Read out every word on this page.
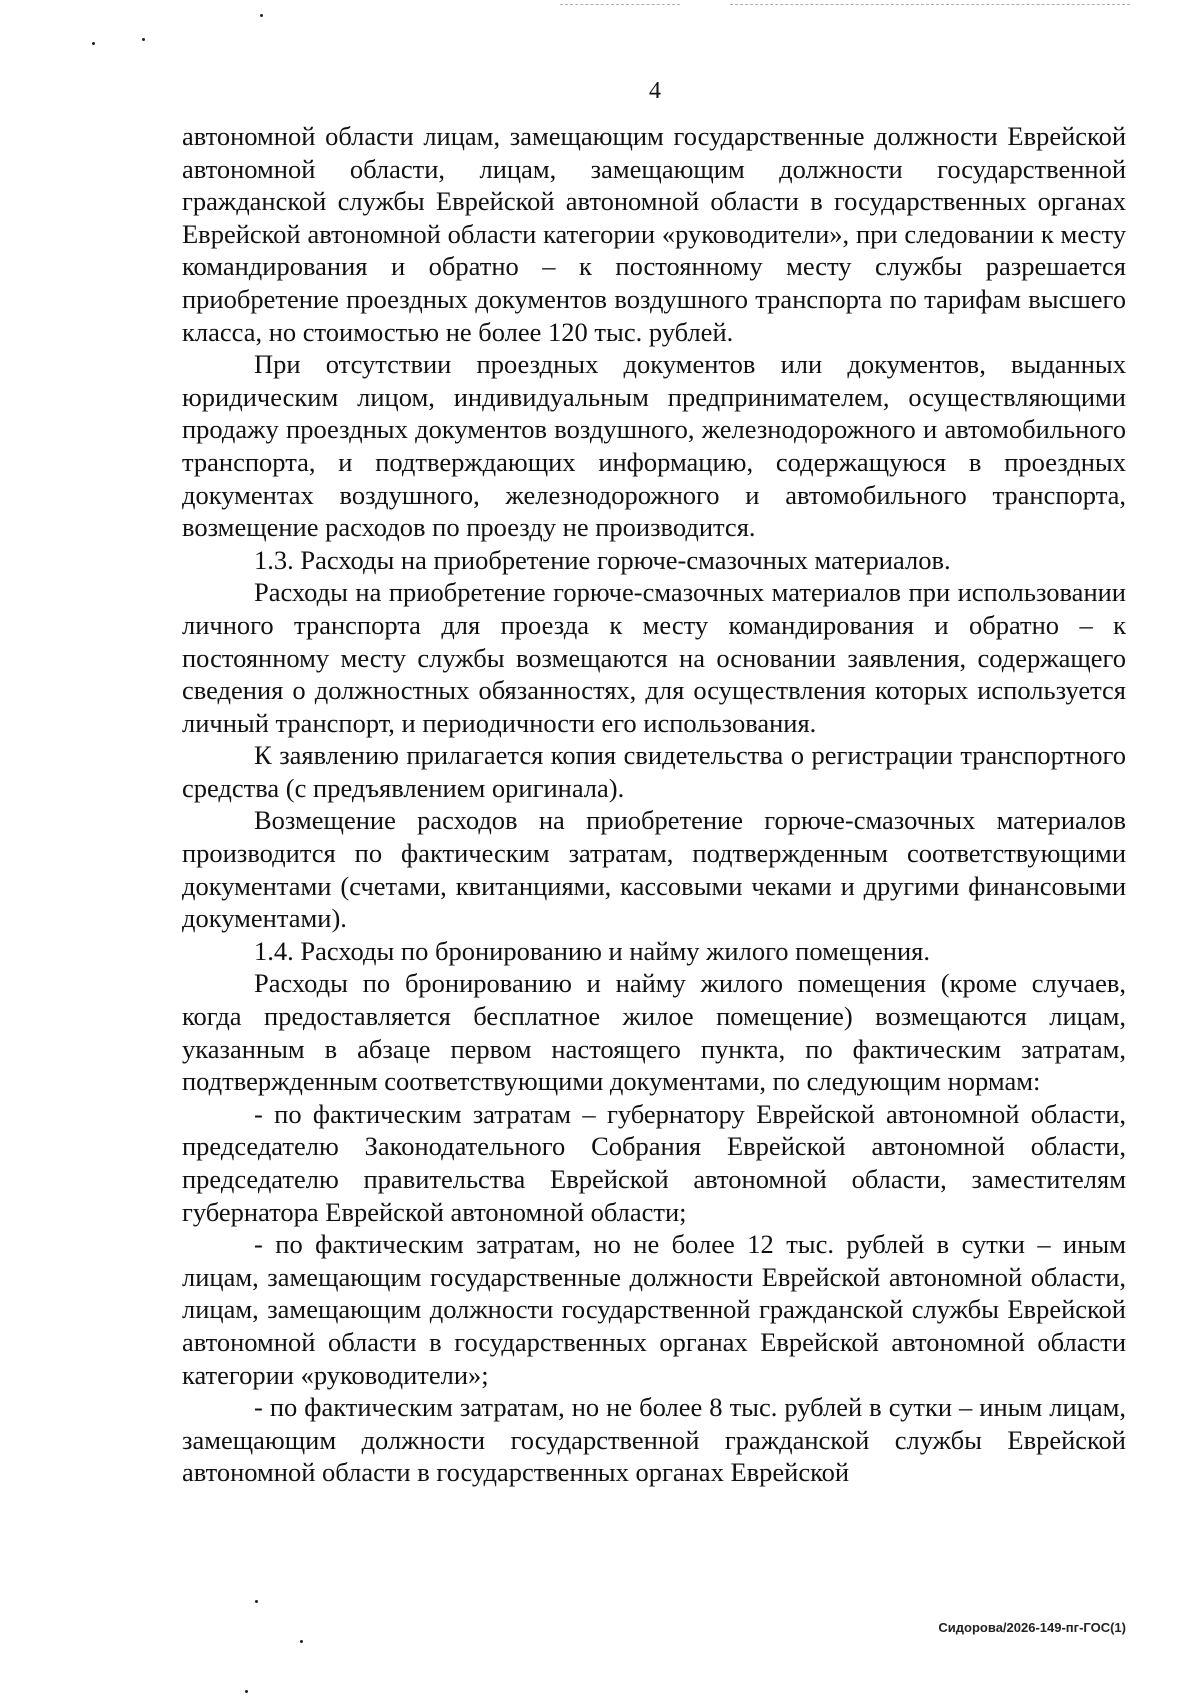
4

автономной области лицам, замещающим государственные должности Еврейской автономной области, лицам, замещающим должности государственной гражданской службы Еврейской автономной области в государственных органах Еврейской автономной области категории «руководители», при следовании к месту командирования и обратно – к постоянному месту службы разрешается приобретение проездных документов воздушного транспорта по тарифам высшего класса, но стоимостью не более 120 тыс. рублей.

При отсутствии проездных документов или документов, выданных юридическим лицом, индивидуальным предпринимателем, осуществляющими продажу проездных документов воздушного, железнодорожного и автомобильного транспорта, и подтверждающих информацию, содержащуюся в проездных документах воздушного, железнодорожного и автомобильного транспорта, возмещение расходов по проезду не производится.

1.3. Расходы на приобретение горюче-смазочных материалов.

Расходы на приобретение горюче-смазочных материалов при использовании личного транспорта для проезда к месту командирования и обратно – к постоянному месту службы возмещаются на основании заявления, содержащего сведения о должностных обязанностях, для осуществления которых используется личный транспорт, и периодичности его использования.

К заявлению прилагается копия свидетельства о регистрации транспортного средства (с предъявлением оригинала).

Возмещение расходов на приобретение горюче-смазочных материалов производится по фактическим затратам, подтвержденным соответствующими документами (счетами, квитанциями, кассовыми чеками и другими финансовыми документами).

1.4. Расходы по бронированию и найму жилого помещения.

Расходы по бронированию и найму жилого помещения (кроме случаев, когда предоставляется бесплатное жилое помещение) возмещаются лицам, указанным в абзаце первом настоящего пункта, по фактическим затратам, подтвержденным соответствующими документами, по следующим нормам:

- по фактическим затратам – губернатору Еврейской автономной области, председателю Законодательного Собрания Еврейской автономной области, председателю правительства Еврейской автономной области, заместителям губернатора Еврейской автономной области;

- по фактическим затратам, но не более 12 тыс. рублей в сутки – иным лицам, замещающим государственные должности Еврейской автономной области, лицам, замещающим должности государственной гражданской службы Еврейской автономной области в государственных органах Еврейской автономной области категории «руководители»;

- по фактическим затратам, но не более 8 тыс. рублей в сутки – иным лицам, замещающим должности государственной гражданской службы Еврейской автономной области в государственных органах Еврейской

Сидорова/2026-149-пг-ГОС(1)
